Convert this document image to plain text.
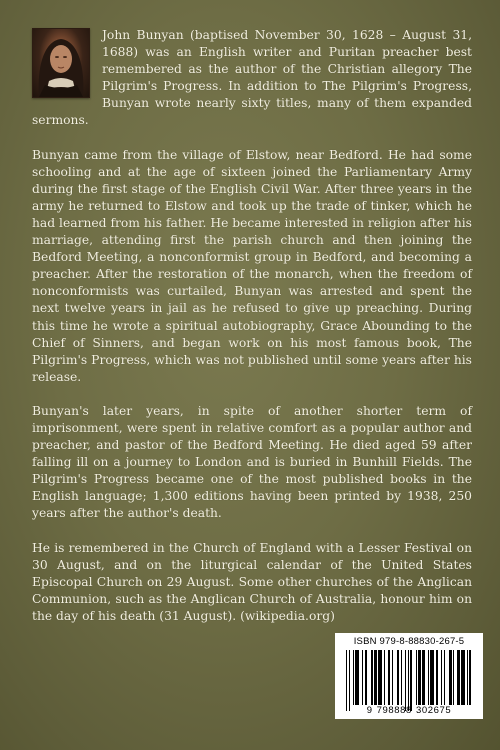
John Bunyan (baptised November 30, 1628 – August 31, 1688) was an English writer and Puritan preacher best remembered as the author of the Christian allegory The Pilgrim's Progress. In addition to The Pilgrim's Progress, Bunyan wrote nearly sixty titles, many of them expanded sermons.

Bunyan came from the village of Elstow, near Bedford. He had some schooling and at the age of sixteen joined the Parliamentary Army during the first stage of the English Civil War. After three years in the army he returned to Elstow and took up the trade of tinker, which he had learned from his father. He became interested in religion after his marriage, attending first the parish church and then joining the Bedford Meeting, a nonconformist group in Bedford, and becoming a preacher. After the restoration of the monarch, when the freedom of nonconformists was curtailed, Bunyan was arrested and spent the next twelve years in jail as he refused to give up preaching. During this time he wrote a spiritual autobiography, Grace Abounding to the Chief of Sinners, and began work on his most famous book, The Pilgrim's Progress, which was not published until some years after his release.

Bunyan's later years, in spite of another shorter term of imprisonment, were spent in relative comfort as a popular author and preacher, and pastor of the Bedford Meeting. He died aged 59 after falling ill on a journey to London and is buried in Bunhill Fields. The Pilgrim's Progress became one of the most published books in the English language; 1,300 editions having been printed by 1938, 250 years after the author's death.

He is remembered in the Church of England with a Lesser Festival on 30 August, and on the liturgical calendar of the United States Episcopal Church on 29 August. Some other churches of the Anglican Communion, such as the Anglican Church of Australia, honour him on the day of his death (31 August). (wikipedia.org)

ISBN 979-8-88830-267-5
9 798888 302675
